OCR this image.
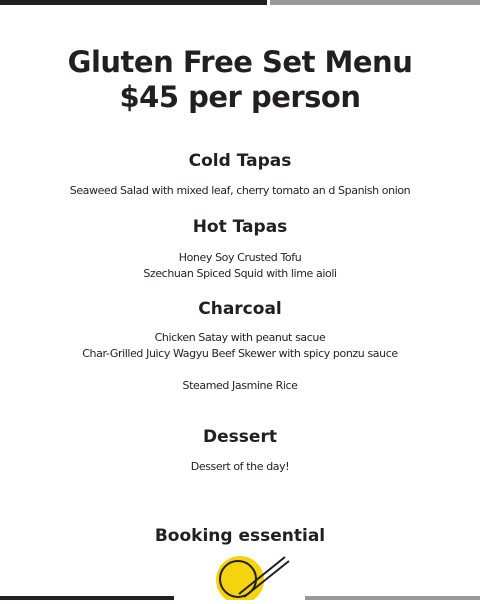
Gluten Free Set Menu
$45 per person
Cold Tapas
Seaweed Salad with mixed leaf, cherry tomato an d Spanish onion
Hot Tapas
Honey Soy Crusted Tofu
Szechuan Spiced Squid with lime aioli
Charcoal
Chicken Satay with peanut sacue
Char-Grilled Juicy Wagyu Beef Skewer with spicy ponzu sauce
Steamed Jasmine Rice
Dessert
Dessert of the day!
Booking essential
